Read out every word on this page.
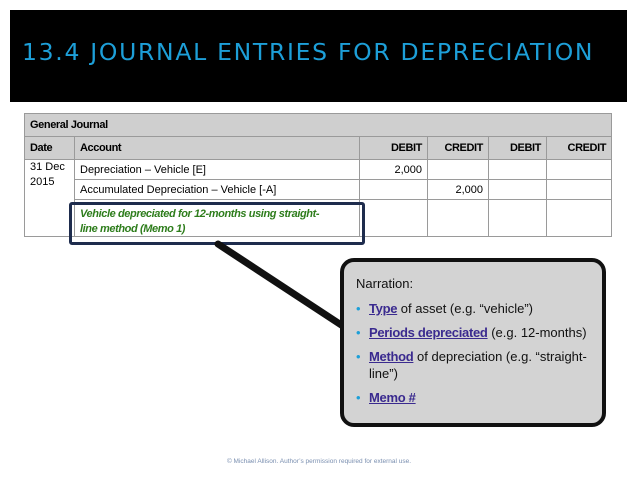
13.4 JOURNAL ENTRIES FOR DEPRECIATION
General Journal					
Date	Account	DEBIT	CREDIT	DEBIT	CREDIT
31 Dec
2015	Depreciation – Vehicle [E]	2,000			
	Accumulated Depreciation – Vehicle [-A]		2,000		

Vehicle depreciated for 12-months using straight-
line method (Memo 1)
Narration:
• Type of asset (e.g. “vehicle”)
• Periods depreciated (e.g. 12-months)
• Method of depreciation (e.g. “straight-line”)
• Memo #
© Michael Allison. Author’s permission required for external use.
